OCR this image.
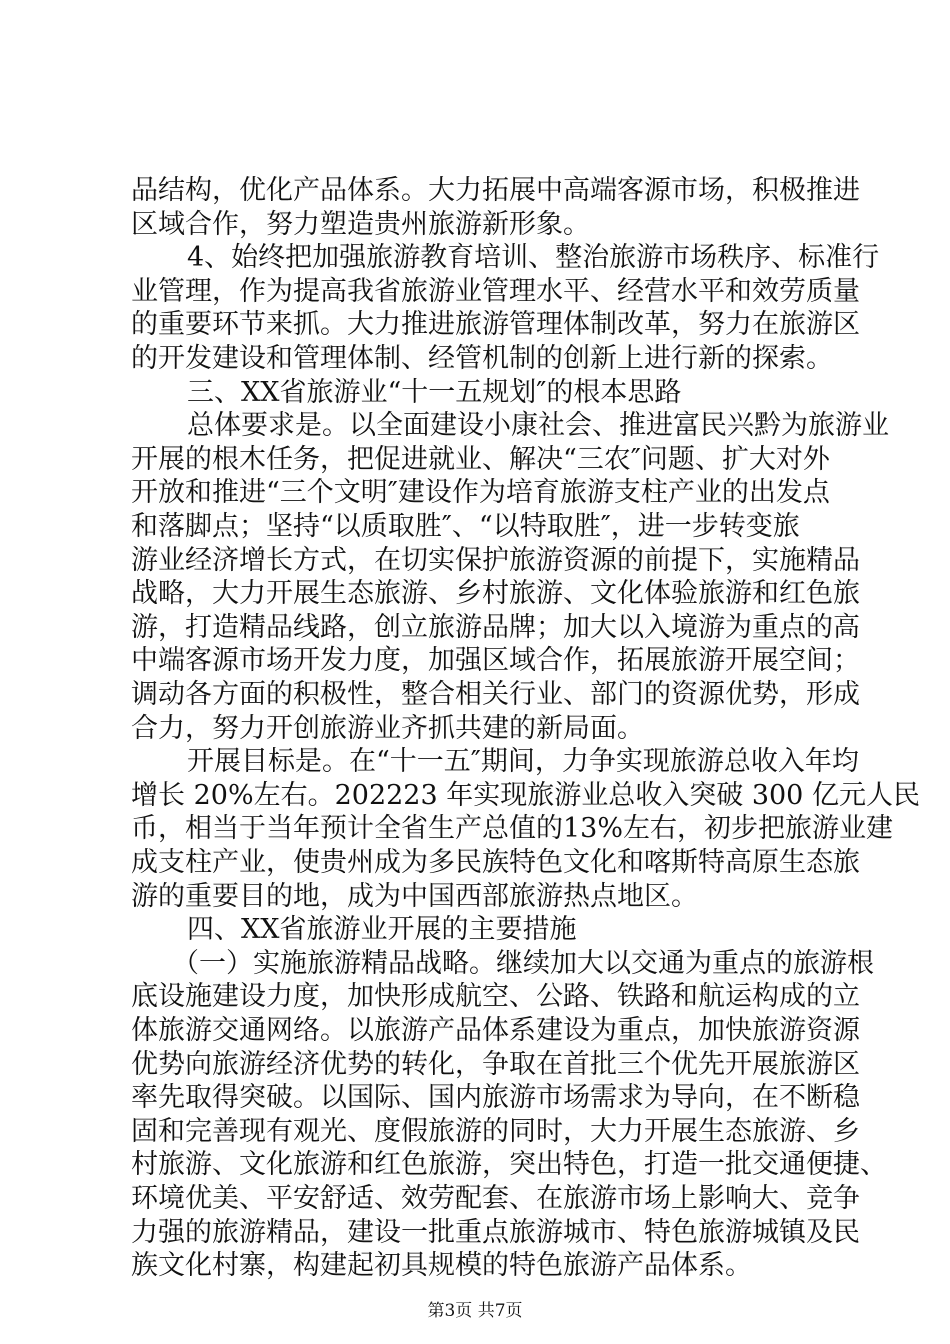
品结构，优化产品体系。大力拓展中高端客源市场，积极推进
区域合作，努力塑造贵州旅游新形象。
4、始终把加强旅游教育培训、整治旅游市场秩序、标准行
业管理，作为提高我省旅游业管理水平、经营水平和效劳质量
的重要环节来抓。大力推进旅游管理体制改革，努力在旅游区
的开发建设和管理体制、经管机制的创新上进行新的探索。
三、XX省旅游业“十一五规划″的根本思路
总体要求是。以全面建设小康社会、推进富民兴黔为旅游业
开展的根木任务，把促进就业、解决“三农″问题、扩大对外
开放和推进“三个文明″建设作为培育旅游支柱产业的出发点
和落脚点；坚持“以质取胜″、“以特取胜″，进一步转变旅
游业经济增长方式，在切实保护旅游资源的前提下，实施精品
战略，大力开展生态旅游、乡村旅游、文化体验旅游和红色旅
游，打造精品线路，创立旅游品牌；加大以入境游为重点的高
中端客源市场开发力度，加强区域合作，拓展旅游开展空间；
调动各方面的积极性，整合相关行业、部门的资源优势，形成
合力，努力开创旅游业齐抓共建的新局面。
开展目标是。在“十一五″期间，力争实现旅游总收入年均
增长 20%左右。202223 年实现旅游业总收入突破 300 亿元人民
币，相当于当年预计全省生产总值的13%左右，初步把旅游业建
成支柱产业，使贵州成为多民族特色文化和喀斯特高原生态旅
游的重要目的地，成为中国西部旅游热点地区。
四、XX省旅游业开展的主要措施
（一）实施旅游精品战略。继续加大以交通为重点的旅游根
底设施建设力度，加快形成航空、公路、铁路和航运构成的立
体旅游交通网络。以旅游产品体系建设为重点，加快旅游资源
优势向旅游经济优势的转化，争取在首批三个优先开展旅游区
率先取得突破。以国际、国内旅游市场需求为导向，在不断稳
固和完善现有观光、度假旅游的同时，大力开展生态旅游、乡
村旅游、文化旅游和红色旅游，突出特色，打造一批交通便捷、
环境优美、平安舒适、效劳配套、在旅游市场上影响大、竞争
力强的旅游精品，建设一批重点旅游城市、特色旅游城镇及民
族文化村寨，构建起初具规模的特色旅游产品体系。
第3页 共7页
